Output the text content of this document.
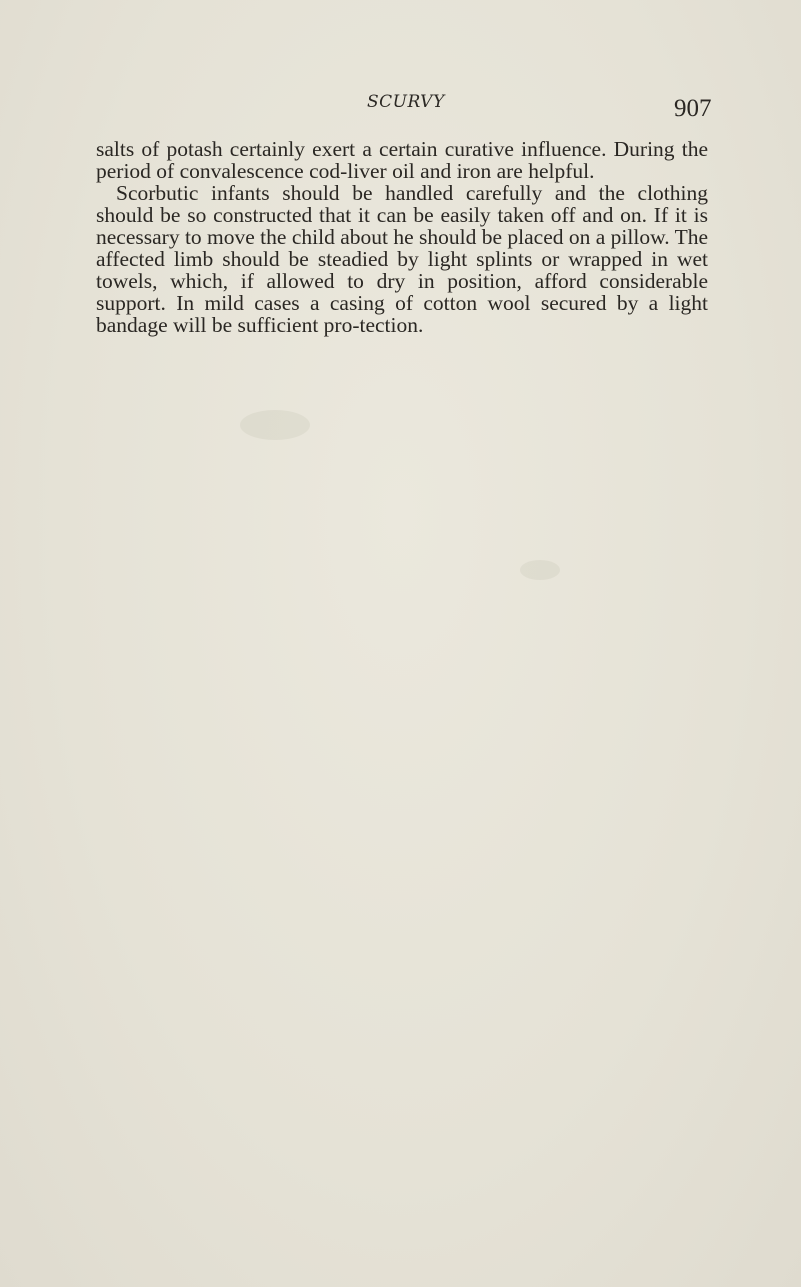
SCURVY	907

salts of potash certainly exert a certain curative influence. During the period of convalescence cod-liver oil and iron are helpful.

Scorbutic infants should be handled carefully and the clothing should be so constructed that it can be easily taken off and on. If it is necessary to move the child about he should be placed on a pillow. The affected limb should be steadied by light splints or wrapped in wet towels, which, if allowed to dry in position, afford considerable support. In mild cases a casing of cotton wool secured by a light bandage will be sufficient pro-tection.
